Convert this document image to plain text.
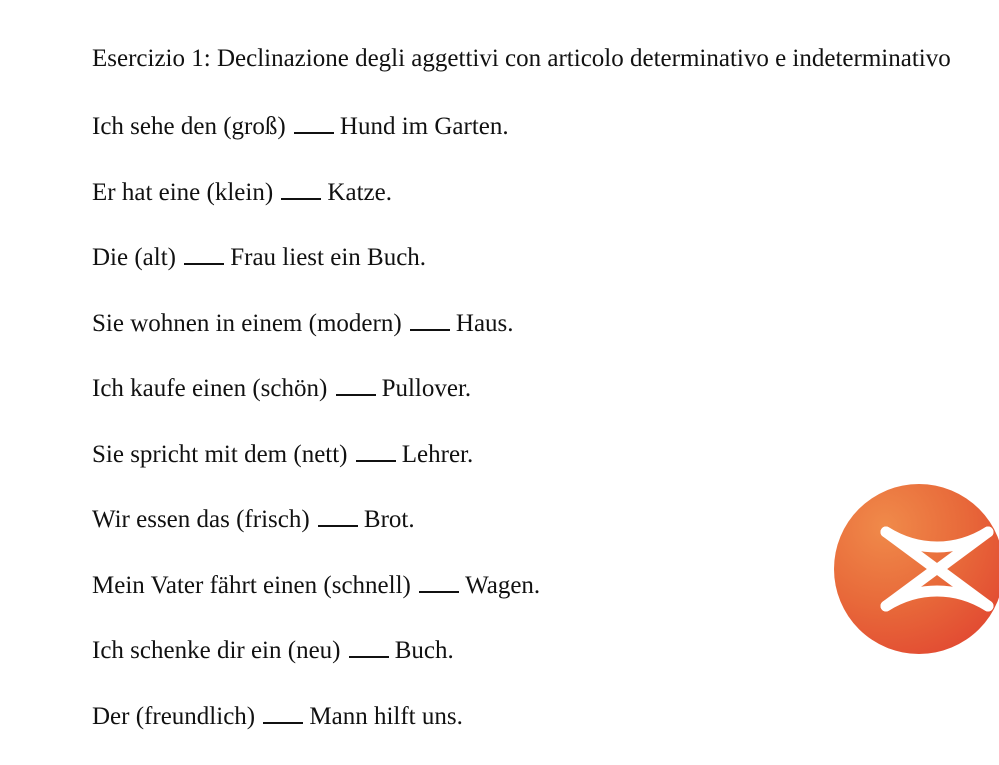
Esercizio 1: Declinazione degli aggettivi con articolo determinativo e indeterminativo
Ich sehe den (groß) Hund im Garten.
Er hat eine (klein) Katze.
Die (alt) Frau liest ein Buch.
Sie wohnen in einem (modern) Haus.
Ich kaufe einen (schön) Pullover.
Sie spricht mit dem (nett) Lehrer.
Wir essen das (frisch) Brot.
Mein Vater fährt einen (schnell) Wagen.
Ich schenke dir ein (neu) Buch.
Der (freundlich) Mann hilft uns.
